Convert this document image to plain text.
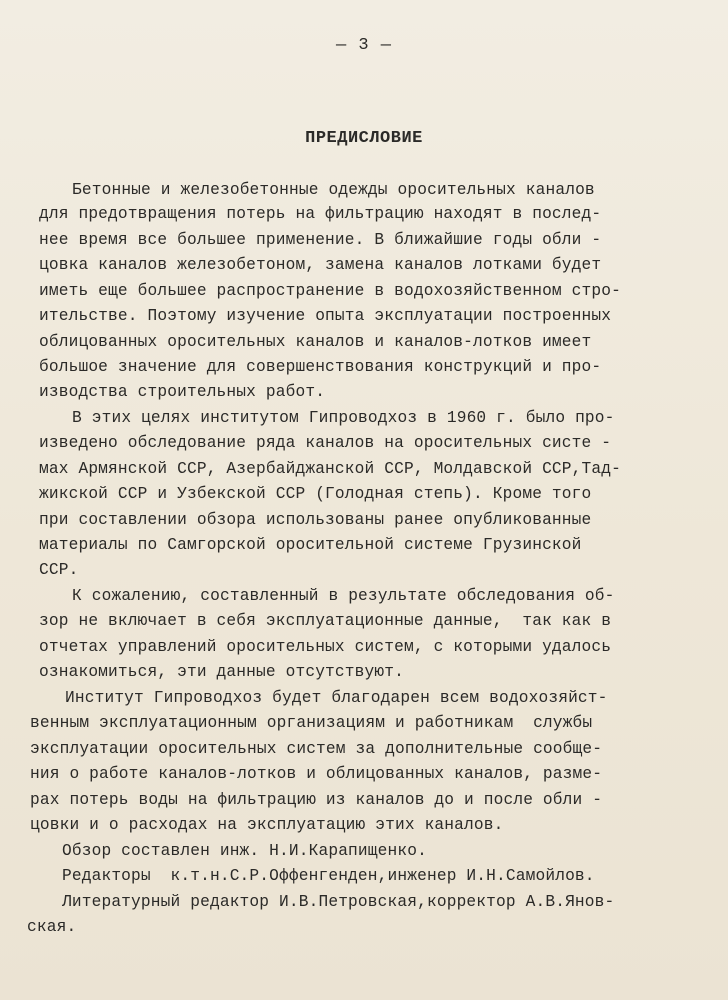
— 3 —
ПРЕДИСЛОВИЕ
Бетонные и железобетонные одежды оросительных каналов
для предотвращения потерь на фильтрацию находят в послед-
нее время все большее применение. В ближайшие годы обли -
цовка каналов железобетоном, замена каналов лотками будет
иметь еще большее распространение в водохозяйственном стро-
ительстве. Поэтому изучение опыта эксплуатации построенных
облицованных оросительных каналов и каналов-лотков имеет
большое значение для совершенствования конструкций и про-
изводства строительных работ.
В этих целях институтом Гипроводхоз в 1960 г. было про-
изведено обследование ряда каналов на оросительных систе -
мах Армянской ССР, Азербайджанской ССР, Молдавской ССР,Тад-
жикской ССР и Узбекской ССР (Голодная степь). Кроме того
при составлении обзора использованы ранее опубликованные
материалы по Самгорской оросительной системе Грузинской
ССР.
К сожалению, составленный в результате обследования об-
зор не включает в себя эксплуатационные данные,  так как в
отчетах управлений оросительных систем, с которыми удалось
ознакомиться, эти данные отсутствуют.
Институт Гипроводхоз будет благодарен всем водохозяйст-
венным эксплуатационным организациям и работникам  службы
эксплуатации оросительных систем за дополнительные сообще-
ния о работе каналов-лотков и облицованных каналов, разме-
рах потерь воды на фильтрацию из каналов до и после обли -
цовки и о расходах на эксплуатацию этих каналов.
Обзор составлен инж. Н.И.Карапищенко.
Редакторы  к.т.н.С.Р.Оффенгенден,инженер И.Н.Самойлов.
Литературный редактор И.В.Петровская,корректор А.В.Янов-
ская.
